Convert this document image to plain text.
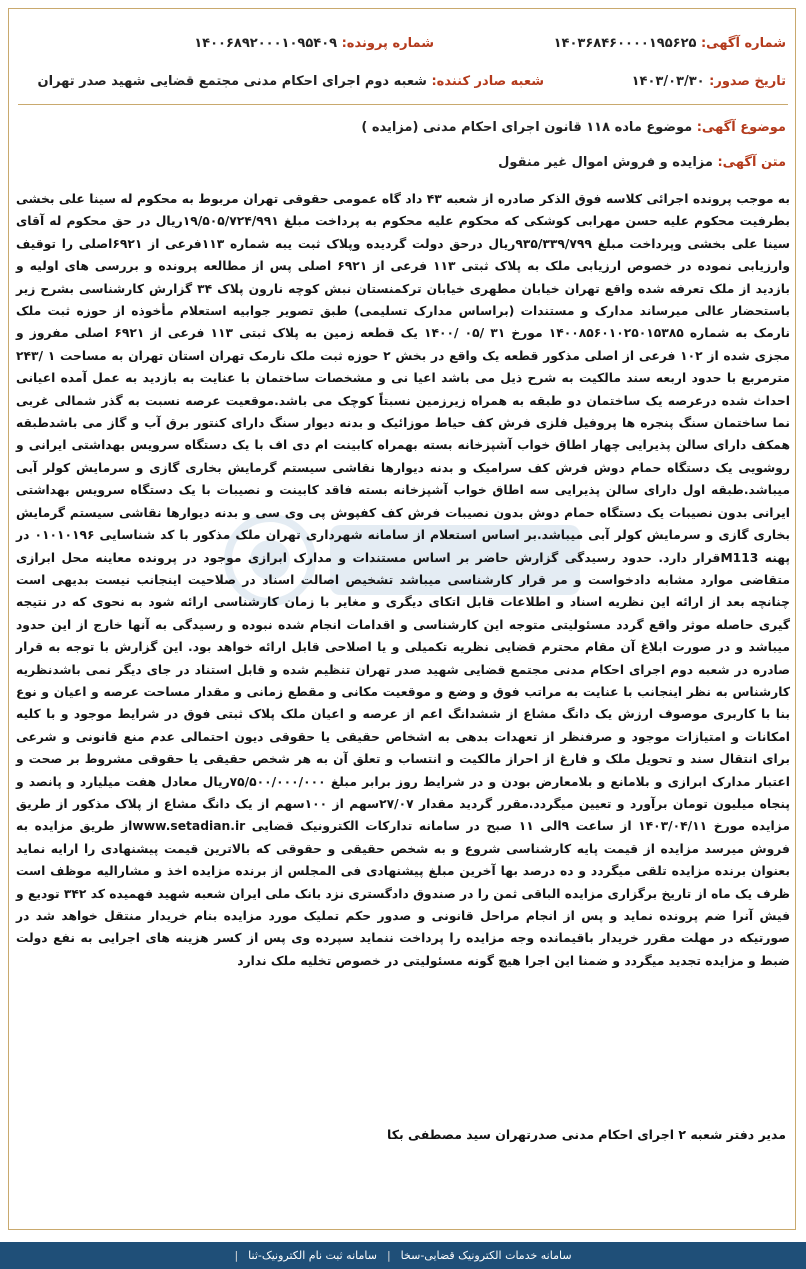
شماره آگهی: ۱۴۰۳۶۸۴۶۰۰۰۰۱۹۵۶۲۵
شماره پرونده: ۱۴۰۰۶۸۹۲۰۰۰۱۰۹۵۴۰۹
تاریخ صدور: ۱۴۰۳/۰۳/۳۰
شعبه صادر کننده: شعبه دوم اجرای احکام مدنی مجتمع قضایی شهید صدر تهران
موضوع آگهی: موضوع ماده ۱۱۸ قانون اجرای احکام مدنی (مزایده )
متن آگهی: مزایده و فروش اموال غیر منقول
به موجب پرونده اجرائی کلاسه فوق الذکر صادره از شعبه ۴۳ داد گاه عمومی حقوقی تهران مربوط به محکوم له سینا علی بخشی بطرفیت محکوم علیه حسن مهرابی کوشکی که محکوم علیه محکوم به پرداخت مبلغ ۱۹/۵۰۵/۷۲۴/۹۹۱ریال در حق محکوم له آقای سینا علی بخشی وپرداخت مبلغ ۹۳۵/۳۳۹/۷۹۹ریال درحق دولت گردیده وپلاک ثبت یبه شماره ۱۱۳فرعی از ۶۹۲۱اصلی را توقیف وارزیابی نموده در خصوص ارزیابی ملک به پلاک ثبتی ۱۱۳ فرعی از ۶۹۲۱ اصلی پس از مطالعه پرونده و بررسی های اولیه و بازدید از ملک تعرفه شده واقع تهران خیابان مطهری خیابان ترکمنستان نبش کوچه نارون پلاک ۳۴ گزارش کارشناسی بشرح زیر باستحضار عالی میرساند مدارک و مستندات (براساس مدارک تسلیمی) طبق تصویر جوابیه استعلام مأخوذه از حوزه ثبت ملک نارمک به شماره ۱۴۰۰۸۵۶۰۱۰۲۵۰۱۵۳۸۵ مورخ ۳۱ /۰۵ /۱۴۰۰ یک قطعه زمین به پلاک ثبتی ۱۱۳ فرعی از ۶۹۲۱ اصلی مفروز و مجزی شده از ۱۰۲ فرعی از اصلی مذکور قطعه یک واقع در بخش ۲ حوزه ثبت ملک نارمک تهران استان تهران به مساحت ۱ /۲۴۳ مترمربع با حدود اربعه سند مالکیت به شرح ذیل می باشد اعیا نی و مشخصات ساختمان با عنایت به بازدید به عمل آمده اعیانی احداث شده درعرصه یک ساختمان دو طبقه به همراه زیرزمین نسبتاً کوچک می باشد.موقعیت عرصه نسبت به گذر شمالی غربی نما ساختمان سنگ پنجره ها پروفیل فلزی فرش کف حیاط موزائیک و بدنه دیوار سنگ دارای کنتور برق آب و گاز می باشدطبقه همکف دارای سالن پذیرایی چهار اطاق خواب آشپزخانه بسته بهمراه کابینت ام دی اف با یک دستگاه سرویس بهداشتی ایرانی و روشویی یک دستگاه حمام دوش فرش کف سرامیک و بدنه دیوارها نقاشی سیستم گرمایش بخاری گازی و سرمایش کولر آبی میباشد.طبقه اول دارای سالن پذیرایی سه اطاق خواب آشپزخانه بسته فاقد کابینت و نصیبات با یک دستگاه سرویس بهداشتی ایرانی بدون نصیبات یک دستگاه حمام دوش بدون نصیبات فرش کف کفپوش پی وی سی و بدنه دیوارها نقاشی سیستم گرمایش بخاری گازی و سرمایش کولر آبی میباشد.بر اساس استعلام از سامانه شهرداری تهران ملک مذکور با کد شناسایی ۰۱۰۱۰۱۹۶ در پهنه M113قرار دارد. حدود رسیدگی گزارش حاضر بر اساس مستندات و مدارک ابرازی موجود در پرونده معاینه محل ابرازی متقاضی موارد مشابه دادخواست و مر قرار کارشناسی میباشد تشخیص اصالت اسناد در صلاحیت اینجانب نیست بدیهی است چنانچه بعد از ارائه این نظریه اسناد و اطلاعات قابل اتکای دیگری و مغایر با زمان کارشناسی ارائه شود به نحوی که در نتیجه گیری حاصله موثر واقع گردد مسئولیتی متوجه این کارشناسی و اقدامات انجام شده نبوده و رسیدگی به آنها خارج از این حدود میباشد و در صورت ابلاغ آن مقام محترم قضایی نظریه تکمیلی و یا اصلاحی قابل ارائه خواهد بود. این گزارش با توجه به قرار صادره در شعبه دوم اجرای احکام مدنی مجتمع قضایی شهید صدر تهران تنظیم شده و قابل استناد در جای دیگر نمی باشدنظریه کارشناس به نظر اینجانب با عنایت به مراتب فوق و وضع و موقعیت مکانی و مقطع زمانی و مقدار مساحت عرصه و اعیان و نوع بنا با کاربری موصوف ارزش یک دانگ مشاع از ششدانگ اعم از عرصه و اعیان ملک پلاک ثبتی فوق در شرایط موجود و با کلیه امکانات و امتیازات موجود و صرفنظر از تعهدات بدهی به اشخاص حقیقی یا حقوقی دیون احتمالی عدم منع قانونی و شرعی برای انتقال سند و تحویل ملک و فارغ از احراز مالکیت و انتساب و تعلق آن به هر شخص حقیقی یا حقوقی مشروط بر صحت و اعتبار مدارک ابرازی و بلامانع و بلامعارض بودن و در شرایط روز برابر مبلغ ۷۵/۵۰۰/۰۰۰/۰۰۰ریال معادل هفت میلیارد و پانصد و پنجاه میلیون تومان برآورد و تعیین میگردد.مقرر گردید مقدار ۲۷/۰۷سهم از ۱۰۰سهم از یک دانگ مشاع از پلاک مذکور از طریق مزایده مورخ ۱۴۰۳/۰۴/۱۱ از ساعت ۹الی ۱۱ صبح در سامانه تدارکات الکترونیک قضایی www.setadian.irاز طریق مزایده به فروش میرسد مزایده از قیمت پایه کارشناسی شروع و به شخص حقیقی و حقوقی که بالاترین قیمت پیشنهادی را ارایه نماید بعنوان برنده مزایده تلقی میگردد و ده درصد بها آخرین مبلغ پیشنهادی فی المجلس از برنده مزایده اخذ و مشارالیه موظف است ظرف یک ماه از تاریخ برگزاری مزایده الباقی ثمن را در صندوق دادگستری نزد بانک ملی ایران شعبه شهید فهمیده کد ۳۴۲ تودیع و فیش آنرا ضم پرونده نماید و پس از انجام مراحل قانونی و صدور حکم تملیک مورد مزایده بنام خریدار منتقل خواهد شد در صورتیکه در مهلت مقرر خریدار باقیمانده وجه مزایده را پرداخت ننماید سپرده وی پس از کسر هزینه های اجرایی به نفع دولت ضبط و مزایده تجدید میگردد و ضمنا این اجرا هیچ گونه مسئولیتی در خصوص تخلیه ملک ندارد
مدیر دفتر شعبه ۲ اجرای احکام مدنی صدرتهران سید مصطفی بکا
سامانه خدمات الکترونیک قضایی-سخا
|
سامانه ثبت نام الکترونیک-ثنا
|
